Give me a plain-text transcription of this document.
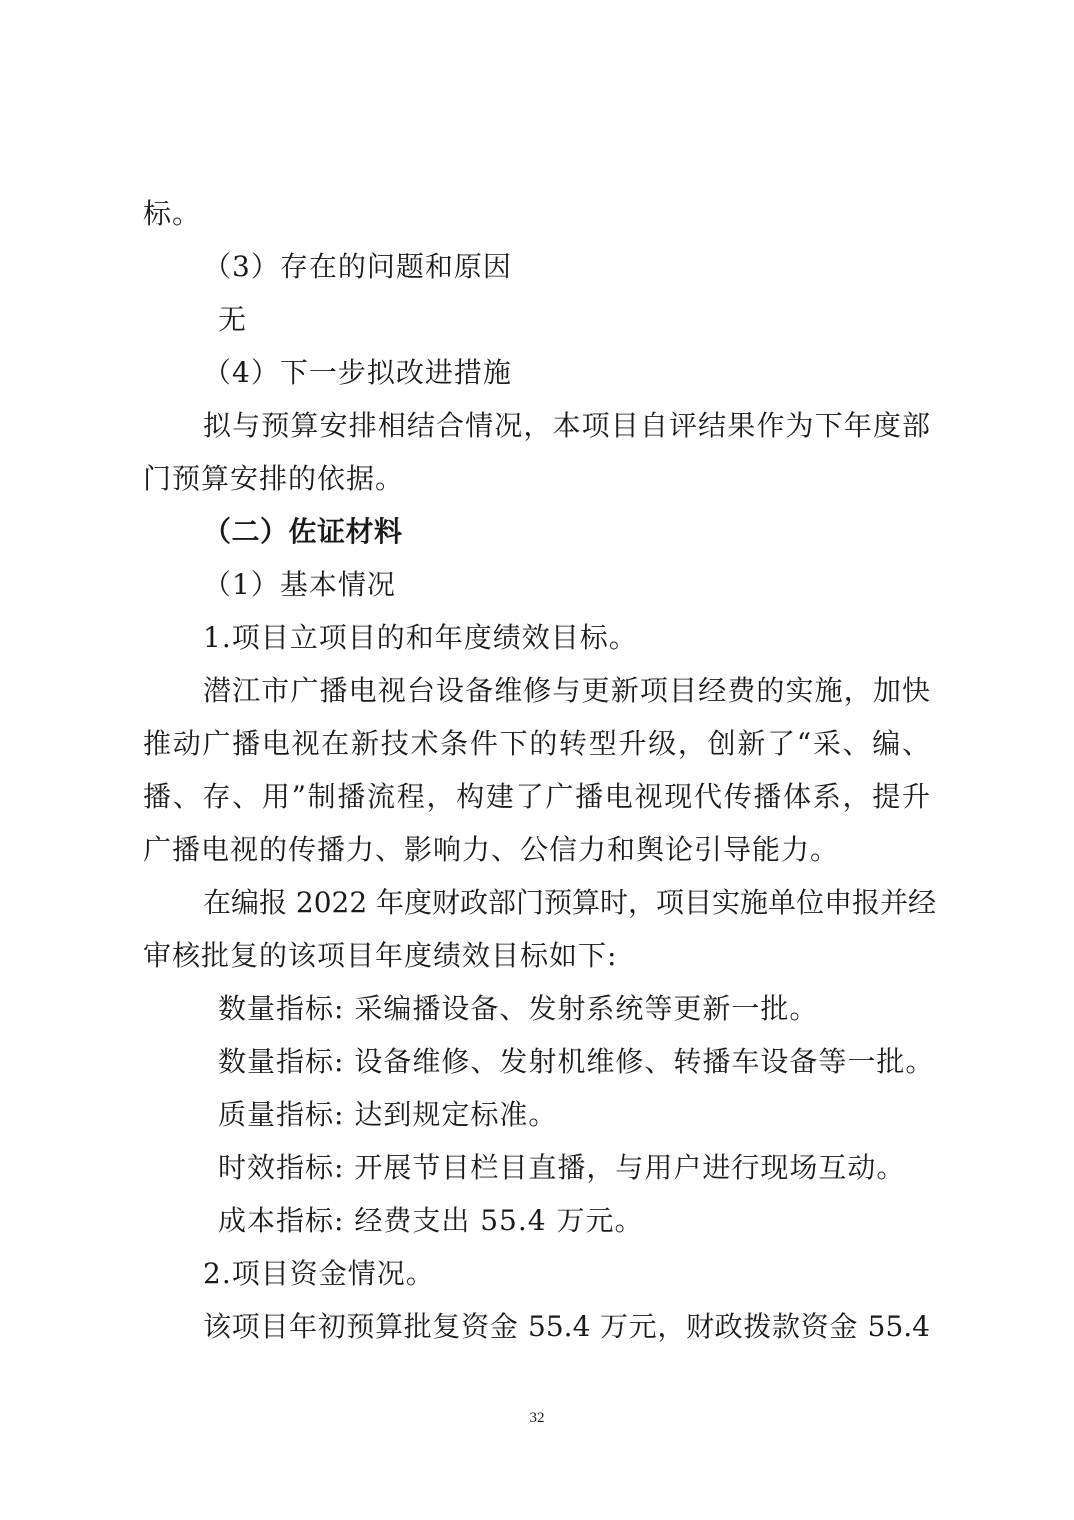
标。
（3）存在的问题和原因
无
（4）下一步拟改进措施
拟与预算安排相结合情况，本项目自评结果作为下年度部
门预算安排的依据。
（二）佐证材料
（1）基本情况
1.项目立项目的和年度绩效目标。
潜江市广播电视台设备维修与更新项目经费的实施，加快
推动广播电视在新技术条件下的转型升级，创新了“采、编、
播、存、用”制播流程，构建了广播电视现代传播体系，提升
广播电视的传播力、影响力、公信力和舆论引导能力。
在编报 2022 年度财政部门预算时，项目实施单位申报并经
审核批复的该项目年度绩效目标如下:
数量指标: 采编播设备、发射系统等更新一批。
数量指标: 设备维修、发射机维修、转播车设备等一批。
质量指标: 达到规定标准。
时效指标: 开展节目栏目直播，与用户进行现场互动。
成本指标: 经费支出 55.4 万元。
2.项目资金情况。
该项目年初预算批复资金 55.4 万元，财政拨款资金 55.4
32
